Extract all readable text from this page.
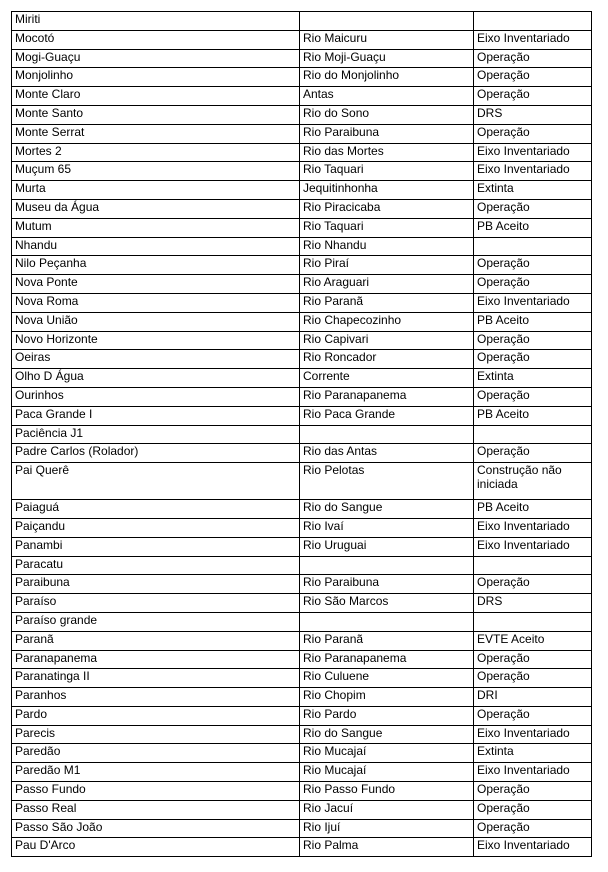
Miriti		
Mocotó	Rio Maicuru	Eixo Inventariado
Mogi-Guaçu	Rio Moji-Guaçu	Operação
Monjolinho	Rio do Monjolinho	Operação
Monte Claro	Antas	Operação
Monte Santo	Rio do Sono	DRS
Monte Serrat	Rio Paraibuna	Operação
Mortes 2	Rio das Mortes	Eixo Inventariado
Muçum 65	Rio Taquari	Eixo Inventariado
Murta	Jequitinhonha	Extinta
Museu da Água	Rio Piracicaba	Operação
Mutum	Rio Taquari	PB Aceito
Nhandu	Rio Nhandu	
Nilo Peçanha	Rio Piraí	Operação
Nova Ponte	Rio Araguari	Operação
Nova Roma	Rio Paranã	Eixo Inventariado
Nova União	Rio Chapecozinho	PB Aceito
Novo Horizonte	Rio Capivari	Operação
Oeiras	Rio Roncador	Operação
Olho D Água	Corrente	Extinta
Ourinhos	Rio Paranapanema	Operação
Paca Grande I	Rio Paca Grande	PB Aceito
Paciência J1		
Padre Carlos (Rolador)	Rio das Antas	Operação
Pai Querê	Rio Pelotas	Construção não iniciada
Paiaguá	Rio do Sangue	PB Aceito
Paiçandu	Rio Ivaí	Eixo Inventariado
Panambi	Rio Uruguai	Eixo Inventariado
Paracatu		
Paraibuna	Rio Paraibuna	Operação
Paraíso	Rio São Marcos	DRS
Paraíso grande		
Paranã	Rio Paranã	EVTE Aceito
Paranapanema	Rio Paranapanema	Operação
Paranatinga II	Rio Culuene	Operação
Paranhos	Rio Chopim	DRI
Pardo	Rio Pardo	Operação
Parecis	Rio do Sangue	Eixo Inventariado
Paredão	Rio Mucajaí	Extinta
Paredão M1	Rio Mucajaí	Eixo Inventariado
Passo Fundo	Rio Passo Fundo	Operação
Passo Real	Rio Jacuí	Operação
Passo São João	Rio Ijuí	Operação
Pau D'Arco	Rio Palma	Eixo Inventariado
